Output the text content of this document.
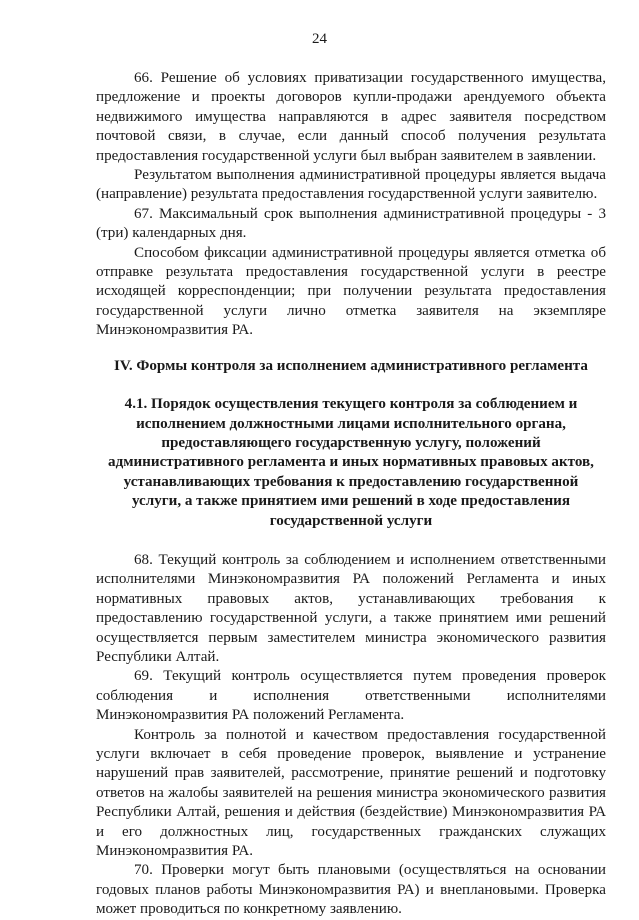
24

66. Решение об условиях приватизации государственного имущества, предложение и проекты договоров купли-продажи арендуемого объекта недвижимого имущества направляются в адрес заявителя посредством почтовой связи, в случае, если данный способ получения результата предоставления государственной услуги был выбран заявителем в заявлении.

Результатом выполнения административной процедуры является выдача (направление) результата предоставления государственной услуги заявителю.

67. Максимальный срок выполнения административной процедуры - 3 (три) календарных дня.

Способом фиксации административной процедуры является отметка об отправке результата предоставления государственной услуги в реестре исходящей корреспонденции; при получении результата предоставления государственной услуги лично отметка заявителя на экземпляре Минэкономразвития РА.

IV. Формы контроля за исполнением административного регламента

4.1. Порядок осуществления текущего контроля за соблюдением и исполнением должностными лицами исполнительного органа, предоставляющего государственную услугу, положений административного регламента и иных нормативных правовых актов, устанавливающих требования к предоставлению государственной услуги, а также принятием ими решений в ходе предоставления государственной услуги

68. Текущий контроль за соблюдением и исполнением ответственными исполнителями Минэкономразвития РА положений Регламента и иных нормативных правовых актов, устанавливающих требования к предоставлению государственной услуги, а также принятием ими решений осуществляется первым заместителем министра экономического развития Республики Алтай.

69. Текущий контроль осуществляется путем проведения проверок соблюдения и исполнения ответственными исполнителями Минэкономразвития РА положений Регламента.

Контроль за полнотой и качеством предоставления государственной услуги включает в себя проведение проверок, выявление и устранение нарушений прав заявителей, рассмотрение, принятие решений и подготовку ответов на жалобы заявителей на решения министра экономического развития Республики Алтай, решения и действия (бездействие) Минэкономразвития РА и его должностных лиц, государственных гражданских служащих Минэкономразвития РА.

70. Проверки могут быть плановыми (осуществляться на основании годовых планов работы Минэкономразвития РА) и внеплановыми. Проверка может проводиться по конкретному заявлению.
